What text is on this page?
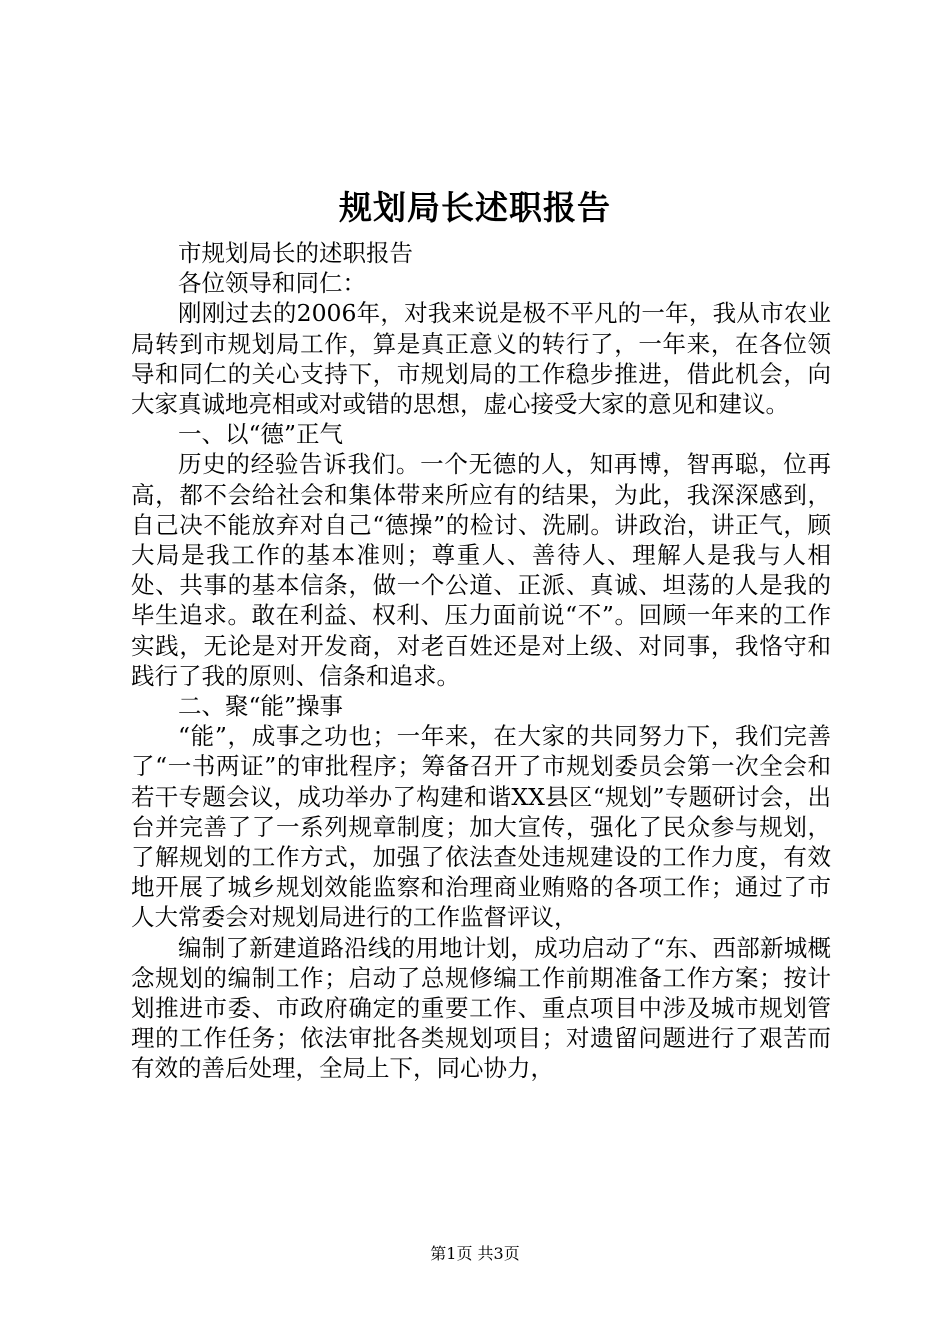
规划局长述职报告

市规划局长的述职报告

各位领导和同仁：

刚刚过去的2006年，对我来说是极不平凡的一年，我从市农业局转到市规划局工作，算是真正意义的转行了，一年来，在各位领导和同仁的关心支持下，市规划局的工作稳步推进，借此机会，向大家真诚地亮相或对或错的思想，虚心接受大家的意见和建议。

一、以“德”正气

历史的经验告诉我们。一个无德的人，知再博，智再聪，位再高，都不会给社会和集体带来所应有的结果，为此，我深深感到，自己决不能放弃对自己“德操”的检讨、洗刷。讲政治，讲正气，顾大局是我工作的基本准则；尊重人、善待人、理解人是我与人相处、共事的基本信条，做一个公道、正派、真诚、坦荡的人是我的毕生追求。敢在利益、权利、压力面前说“不”。回顾一年来的工作实践，无论是对开发商，对老百姓还是对上级、对同事，我恪守和践行了我的原则、信条和追求。

二、聚“能”操事

“能”，成事之功也；一年来，在大家的共同努力下，我们完善了“一书两证”的审批程序；筹备召开了市规划委员会第一次全会和若干专题会议，成功举办了构建和谐XX县区“规划”专题研讨会，出台并完善了了一系列规章制度；加大宣传，强化了民众参与规划，了解规划的工作方式，加强了依法查处违规建设的工作力度，有效地开展了城乡规划效能监察和治理商业贿赂的各项工作；通过了市人大常委会对规划局进行的工作监督评议，

编制了新建道路沿线的用地计划，成功启动了“东、西部新城概念规划的编制工作；启动了总规修编工作前期准备工作方案；按计划推进市委、市政府确定的重要工作、重点项目中涉及城市规划管理的工作任务；依法审批各类规划项目；对遗留问题进行了艰苦而有效的善后处理，全局上下，同心协力，

第1页 共3页
